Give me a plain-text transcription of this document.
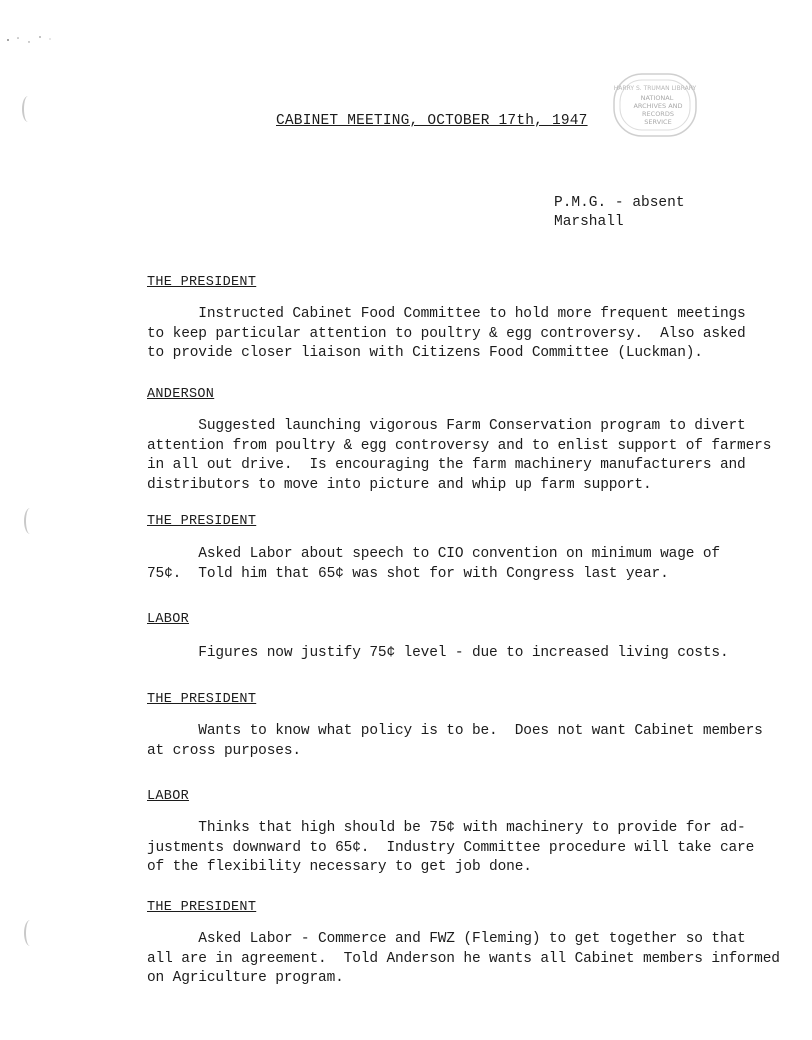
CABINET MEETING, OCTOBER 17th, 1947
HARRY S. TRUMAN LIBRARY
NATIONAL
ARCHIVES AND
RECORDS
SERVICE
P.M.G. - absent
Marshall
THE PRESIDENT
Instructed Cabinet Food Committee to hold more frequent meetings
to keep particular attention to poultry & egg controversy.  Also asked
to provide closer liaison with Citizens Food Committee (Luckman).
ANDERSON
Suggested launching vigorous Farm Conservation program to divert
attention from poultry & egg controversy and to enlist support of farmers
in all out drive.  Is encouraging the farm machinery manufacturers and
distributors to move into picture and whip up farm support.
THE PRESIDENT
Asked Labor about speech to CIO convention on minimum wage of
75¢.  Told him that 65¢ was shot for with Congress last year.
LABOR
Figures now justify 75¢ level - due to increased living costs.
THE PRESIDENT
Wants to know what policy is to be.  Does not want Cabinet members
at cross purposes.
LABOR
Thinks that high should be 75¢ with machinery to provide for ad-
justments downward to 65¢.  Industry Committee procedure will take care
of the flexibility necessary to get job done.
THE PRESIDENT
Asked Labor - Commerce and FWZ (Fleming) to get together so that
all are in agreement.  Told Anderson he wants all Cabinet members informed
on Agriculture program.
